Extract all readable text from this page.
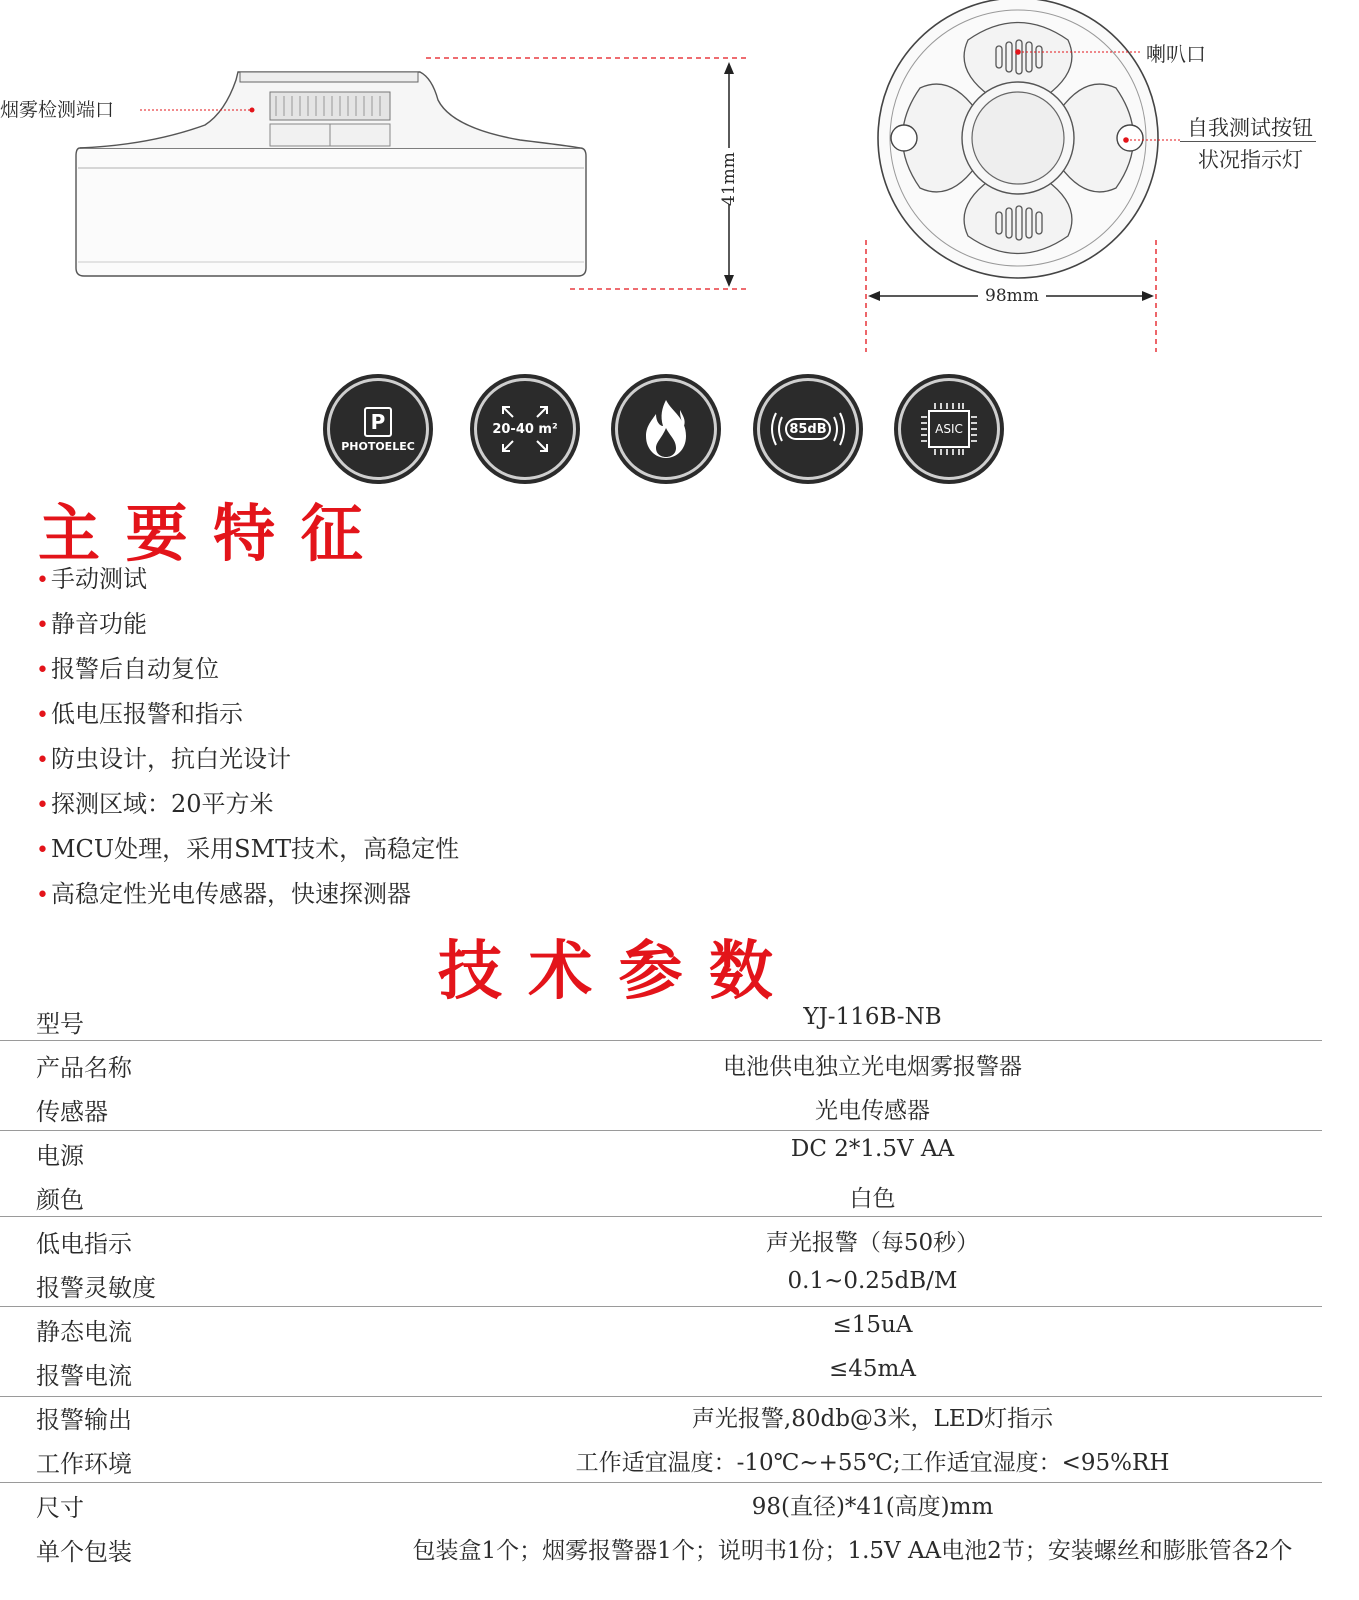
烟雾检测端口
41mm
98mm
喇叭口
自我测试按钮
状况指示灯
P
PHOTOELEC
20-40 m²	85dB	ASIC
主 要 特 征
•手动测试
•静音功能
•报警后自动复位
•低电压报警和指示
•防虫设计，抗白光设计
•探测区域：20平方米
•MCU处理，采用SMT技术，高稳定性
•高稳定性光电传感器，快速探测器
技 术 参 数
型号	YJ-116B-NB
产品名称	电池供电独立光电烟雾报警器
传感器	光电传感器
电源	DC 2*1.5V AA
颜色	白色
低电指示	声光报警（每50秒）
报警灵敏度	0.1~0.25dB/M
静态电流	≤15uA
报警电流	≤45mA
报警输出	声光报警,80db@3米，LED灯指示
工作环境	工作适宜温度：-10℃~+55℃;工作适宜湿度：<95%RH
尺寸	98(直径)*41(高度)mm
单个包装	包装盒1个；烟雾报警器1个；说明书1份；1.5V AA电池2节；安装螺丝和膨胀管各2个
